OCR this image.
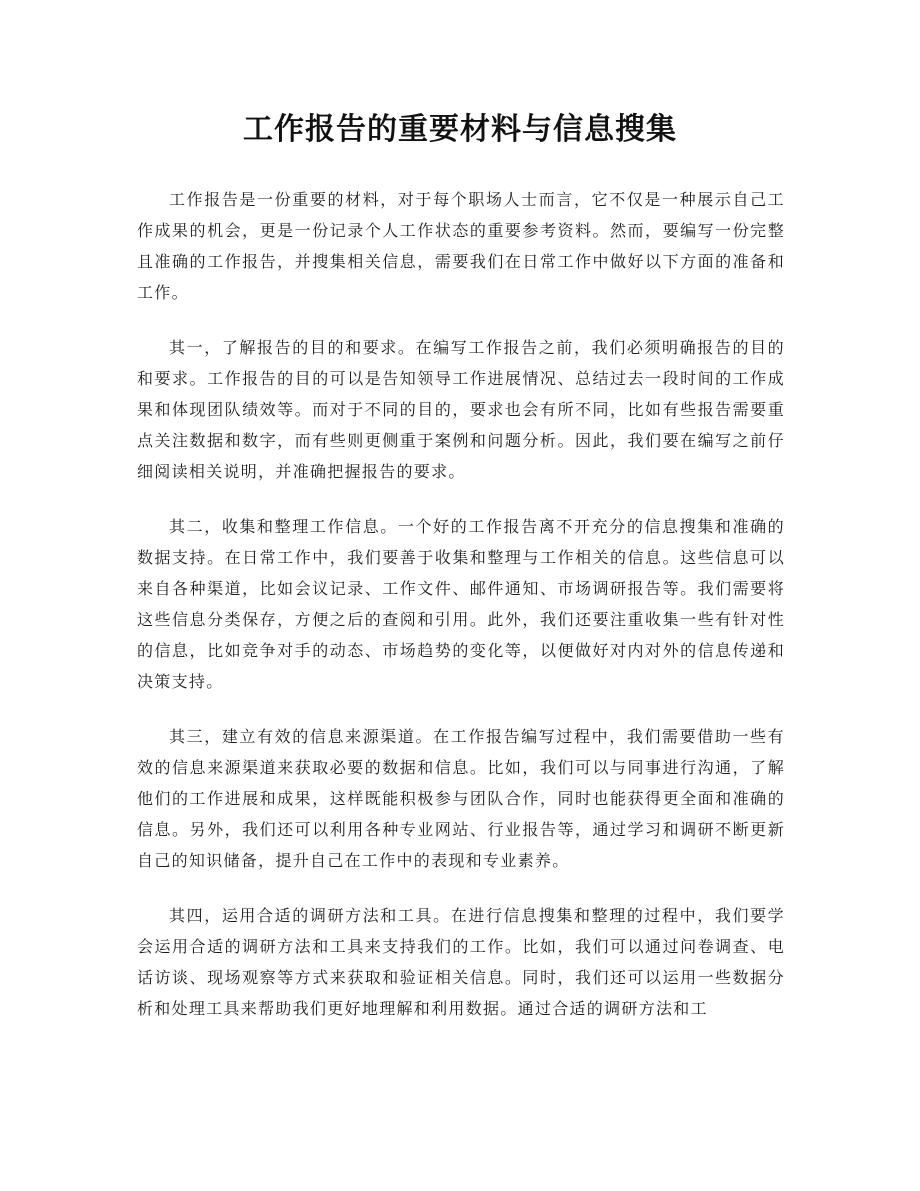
工作报告的重要材料与信息搜集

工作报告是一份重要的材料，对于每个职场人士而言，它不仅是一种展示自己工作成果的机会，更是一份记录个人工作状态的重要参考资料。然而，要编写一份完整且准确的工作报告，并搜集相关信息，需要我们在日常工作中做好以下方面的准备和工作。

其一，了解报告的目的和要求。在编写工作报告之前，我们必须明确报告的目的和要求。工作报告的目的可以是告知领导工作进展情况、总结过去一段时间的工作成果和体现团队绩效等。而对于不同的目的，要求也会有所不同，比如有些报告需要重点关注数据和数字，而有些则更侧重于案例和问题分析。因此，我们要在编写之前仔细阅读相关说明，并准确把握报告的要求。

其二，收集和整理工作信息。一个好的工作报告离不开充分的信息搜集和准确的数据支持。在日常工作中，我们要善于收集和整理与工作相关的信息。这些信息可以来自各种渠道，比如会议记录、工作文件、邮件通知、市场调研报告等。我们需要将这些信息分类保存，方便之后的查阅和引用。此外，我们还要注重收集一些有针对性的信息，比如竞争对手的动态、市场趋势的变化等，以便做好对内对外的信息传递和决策支持。

其三，建立有效的信息来源渠道。在工作报告编写过程中，我们需要借助一些有效的信息来源渠道来获取必要的数据和信息。比如，我们可以与同事进行沟通，了解他们的工作进展和成果，这样既能积极参与团队合作，同时也能获得更全面和准确的信息。另外，我们还可以利用各种专业网站、行业报告等，通过学习和调研不断更新自己的知识储备，提升自己在工作中的表现和专业素养。

其四，运用合适的调研方法和工具。在进行信息搜集和整理的过程中，我们要学会运用合适的调研方法和工具来支持我们的工作。比如，我们可以通过问卷调查、电话访谈、现场观察等方式来获取和验证相关信息。同时，我们还可以运用一些数据分析和处理工具来帮助我们更好地理解和利用数据。通过合适的调研方法和工
